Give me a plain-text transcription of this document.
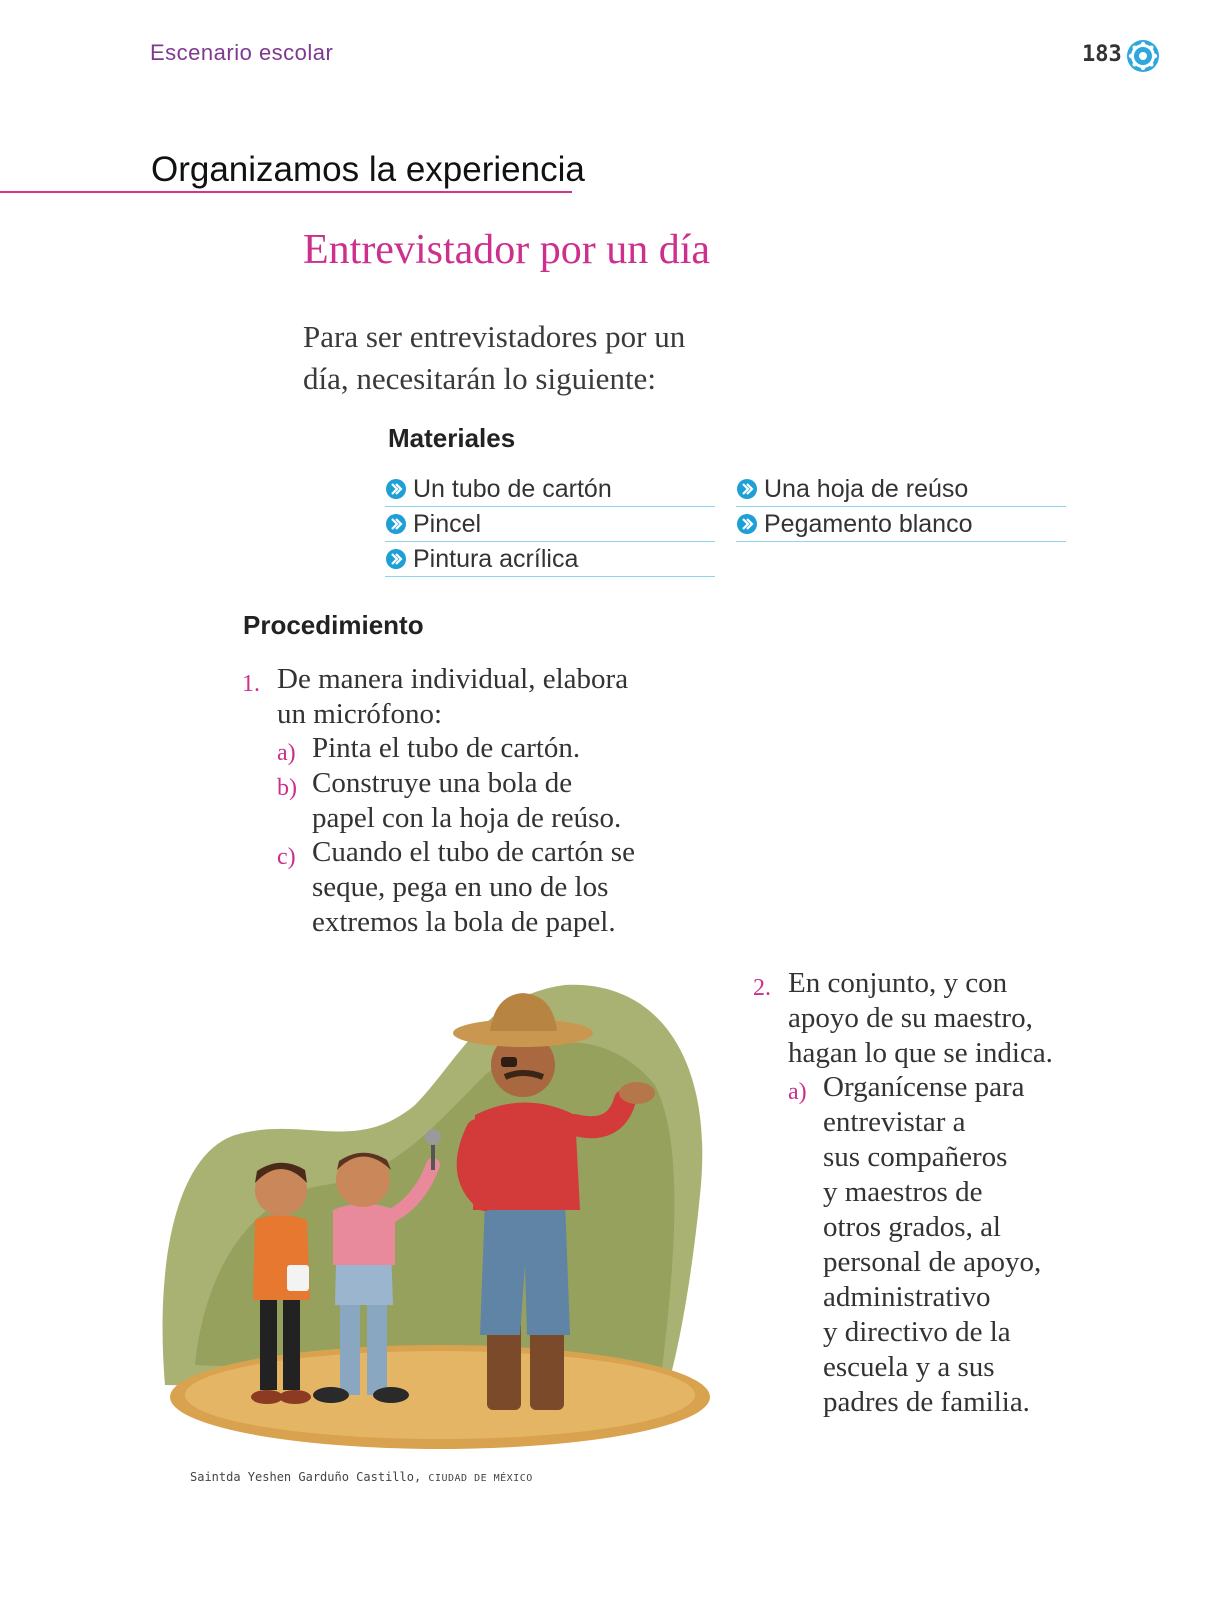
Escenario escolar	183
Organizamos la experiencia
Entrevistador por un día
Para ser entrevistadores por un
día, necesitarán lo siguiente:
Materiales
Un tubo de cartón
Pincel
Pintura acrílica
Una hoja de reúso
Pegamento blanco
Procedimiento
1. De manera individual, elabora
un micrófono:
a) Pinta el tubo de cartón.
b) Construye una bola de
papel con la hoja de reúso.
c) Cuando el tubo de cartón se
seque, pega en uno de los
extremos la bola de papel.
2. En conjunto, y con
apoyo de su maestro,
hagan lo que se indica.
a) Organícense para
entrevistar a
sus compañeros
y maestros de
otros grados, al
personal de apoyo,
administrativo
y directivo de la
escuela y a sus
padres de familia.
Saintda Yeshen Garduño Castillo, CIUDAD DE MÉXICO
